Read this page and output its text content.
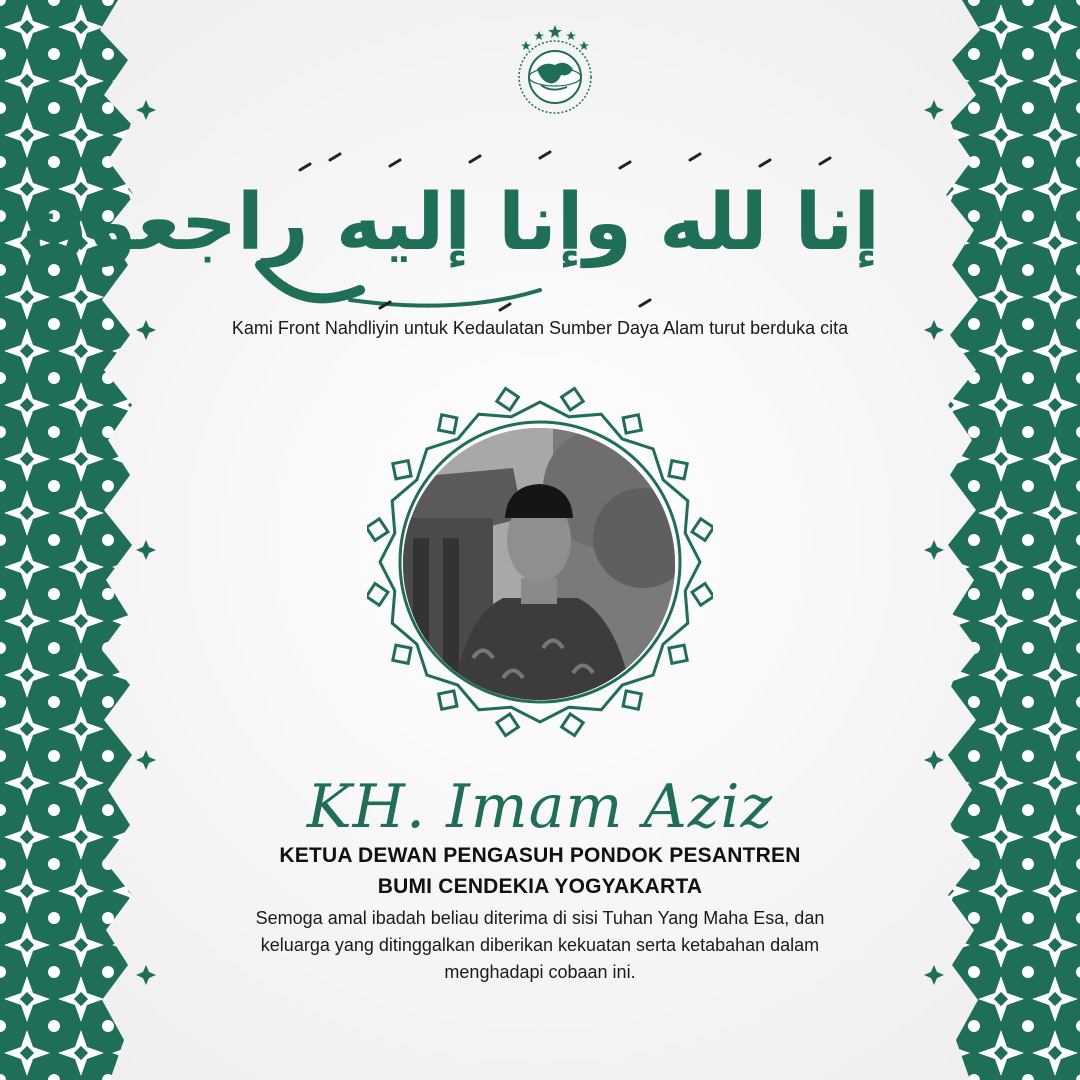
إنا لله وإنا إليه راجعون
Kami Front Nahdliyin untuk Kedaulatan Sumber Daya Alam turut berduka cita
KH. Imam Aziz
KETUA DEWAN PENGASUH PONDOK PESANTREN
BUMI CENDEKIA YOGYAKARTA
Semoga amal ibadah beliau diterima di sisi Tuhan Yang Maha Esa, dan
keluarga yang ditinggalkan diberikan kekuatan serta ketabahan dalam
menghadapi cobaan ini.
